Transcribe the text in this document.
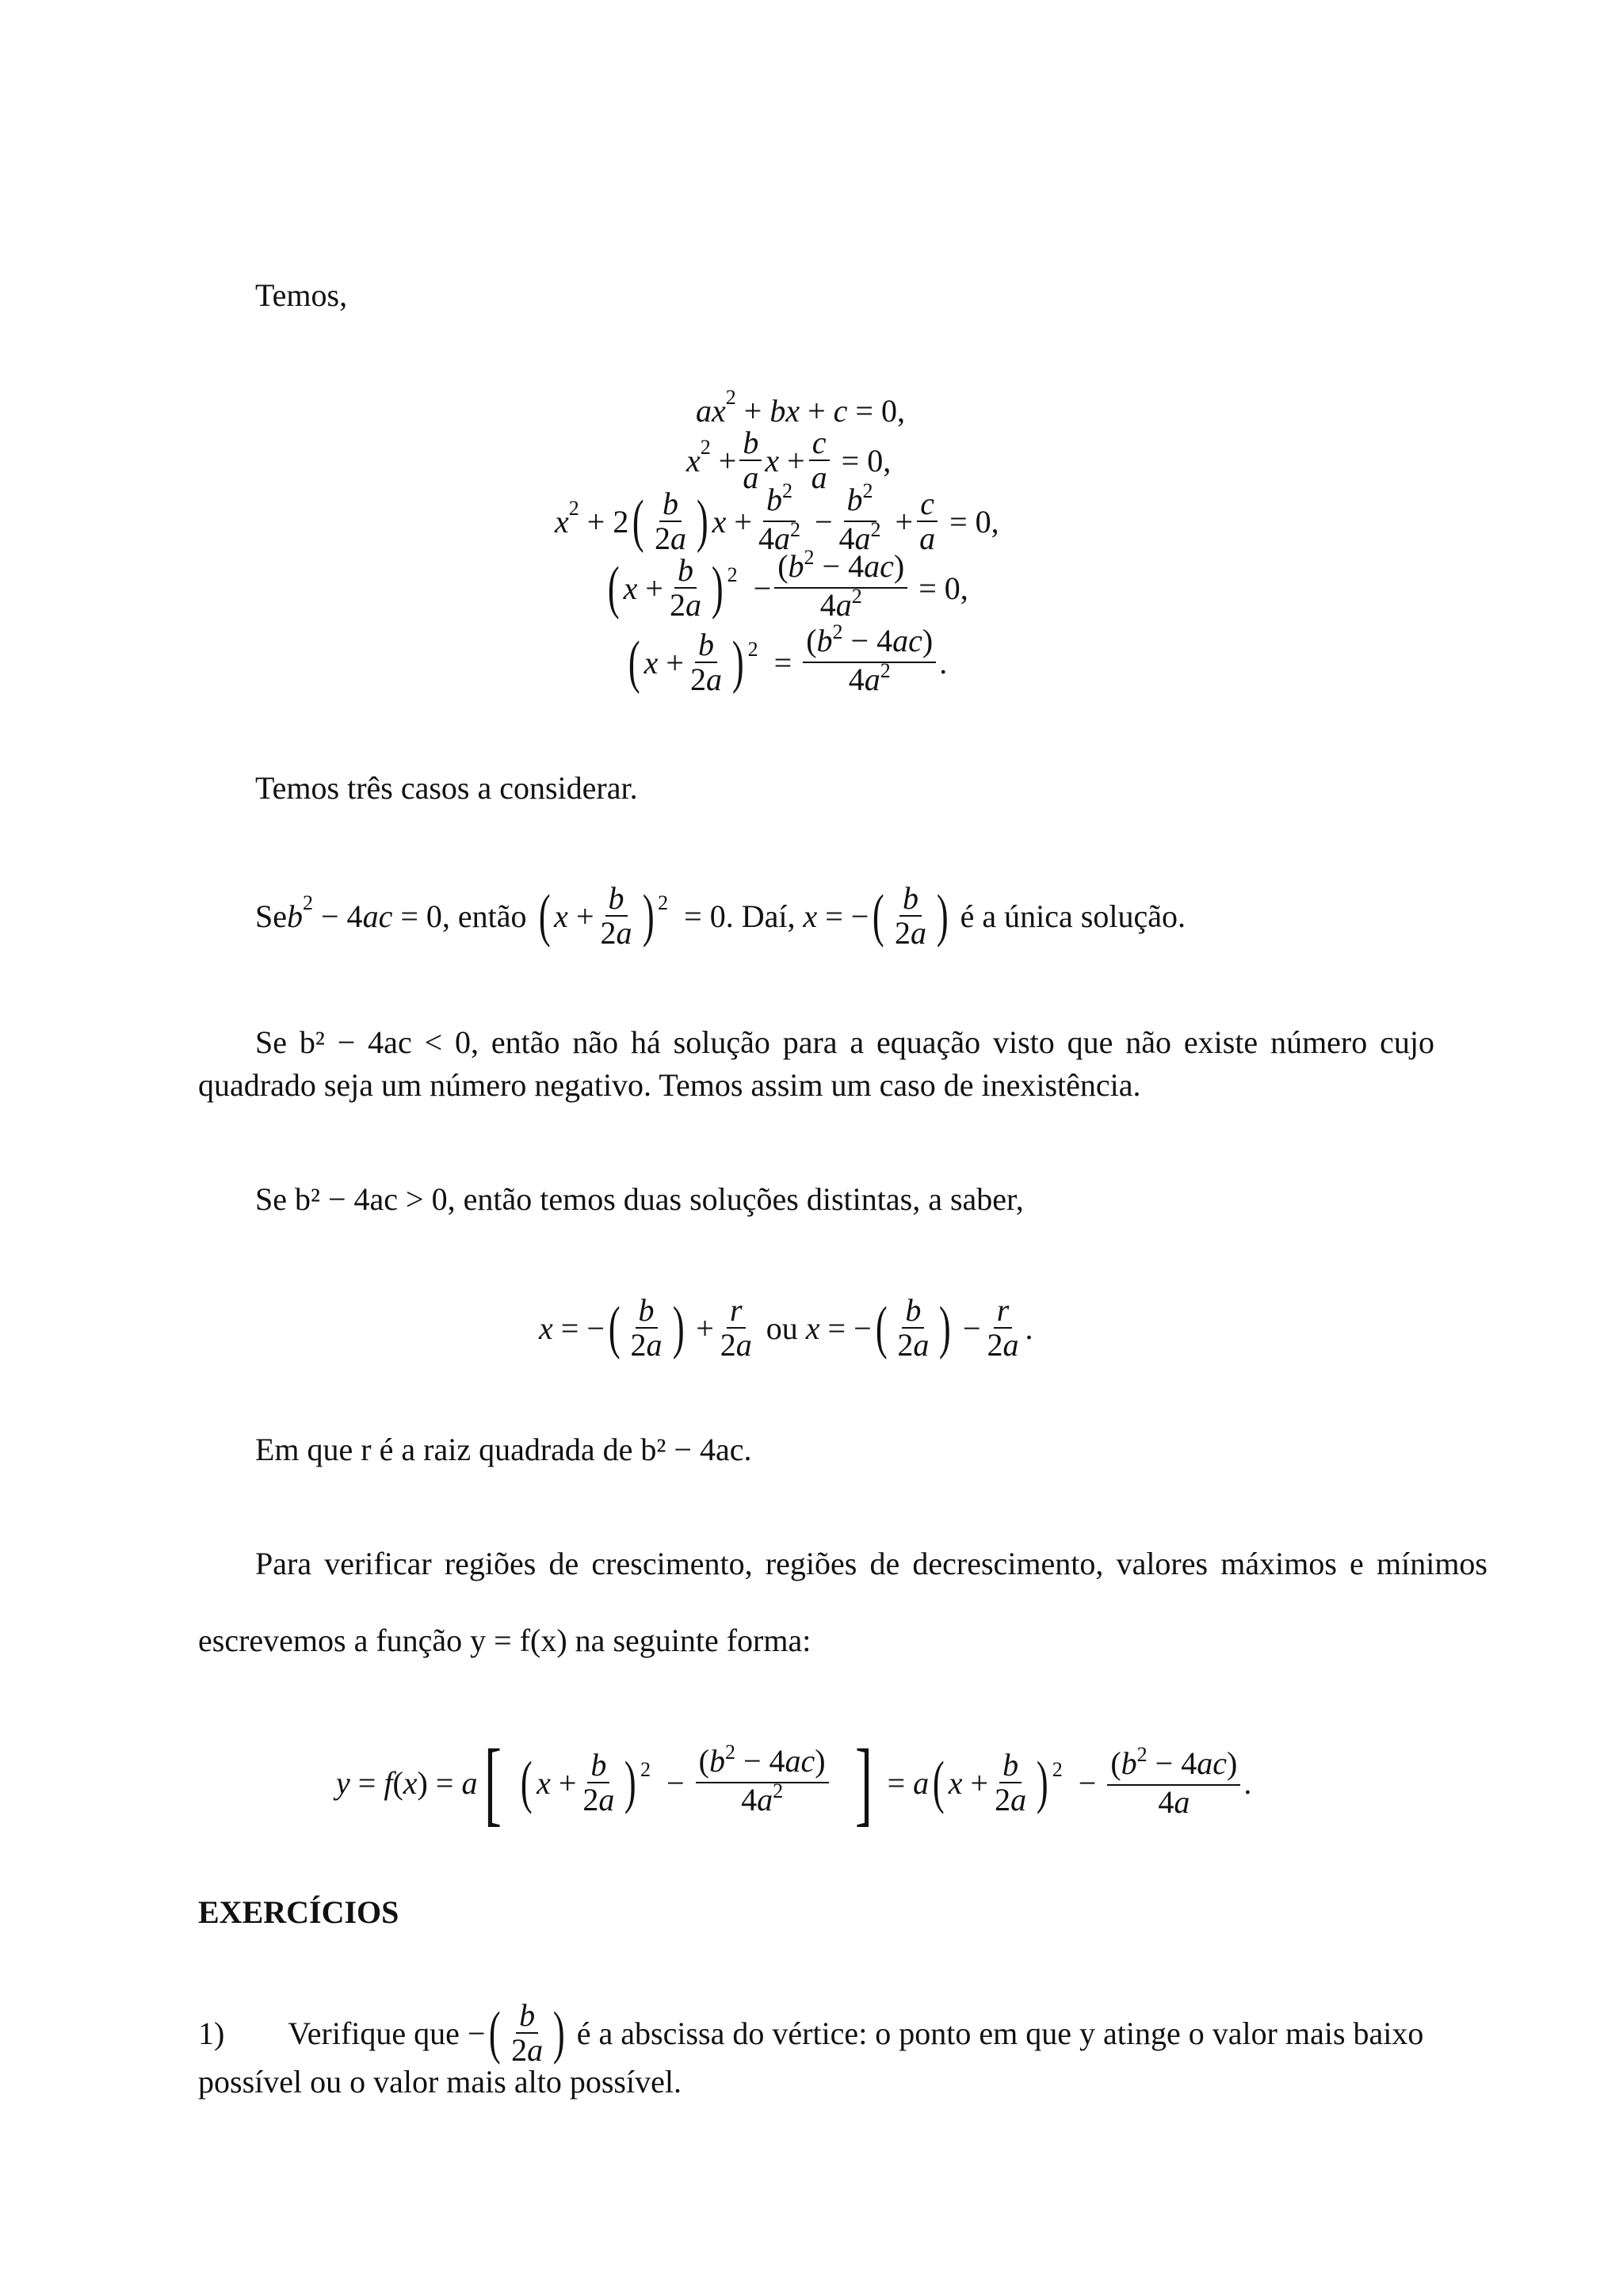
Temos,
$ax^2$ + bx + c = 0,
$x^2 + \frac{b}{a}$ $x + \frac{c}{a}$
= 0,
$x^2 + 2$ ( $\frac{b}{2a}$ ) $x + \frac{b^2}{4a^2} - \frac{b^2}{4a^2} + \frac{c}{a}$
= 0,
( $x + \frac{b}{2a} )^2 - \frac{(b^2 - 4ac)}{4a^2}$
= 0,
( $x + \frac{b}{2a} )^2 = \frac{(b^2 - 4ac)}{4a^2}$ .
Temos três casos a considerar.
Se $b^2 - 4$ ac = 0 , então
( $x + \frac{b}{2a} )^2$
= 0. Daí,
x = − ( $\frac{b}{2a}$ )
é a única solução.
Se b² − 4ac < 0, então não há solução para a equação visto que não existe número cujo
quadrado seja um número negativo. Temos assim um caso de inexistência.
Se b² − 4ac > 0, então temos duas soluções distintas, a saber,
x = − ( $\frac{b}{2a}$ ) + $\frac{r}{2a}$
ou
x = − ( $\frac{b}{2a}$ ) − $\frac{r}{2a}$ .
Em que r é a raiz quadrada de b² − 4ac.
Para verificar regiões de crescimento, regiões de decrescimento, valores máximos e mínimos
escrevemos a função y = f(x) na seguinte forma:
y = f ( x ) = a [
( $x + \frac{b}{2a} )^2 - \frac{(b^2 - 4ac)}{4a^2}$
] = a ( $x + \frac{b}{2a} )^2 - \frac{(b^2 - 4ac)}{4a}$ .
EXERCÍCIOS
1) Verifique que − ( $\frac{b}{2a}$ )
é a abscissa do vértice: o ponto em que y atinge o valor mais baixo
possível ou o valor mais alto possível.
